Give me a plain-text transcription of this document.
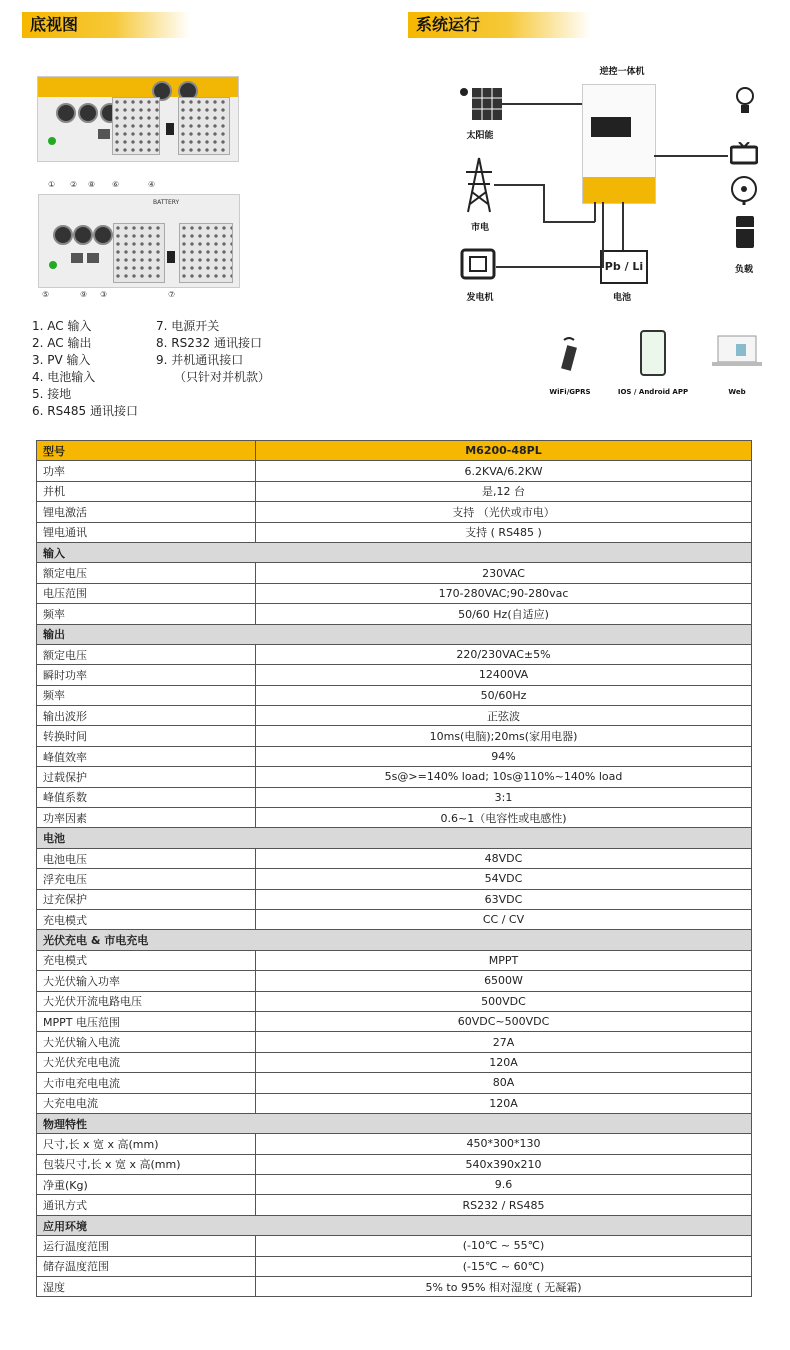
底视图	系统运行
① ② ⑧ ⑥	④
BATTERY
⑤	⑨ ③	⑦
1. AC 输入
2. AC 输出
3. PV 输入
4. 电池输入
5. 接地
6. RS485 通讯接口
7. 电源开关
8. RS232 通讯接口
9. 并机通讯接口
（只针对并机款）
逆控一体机
太阳能
市电
发电机
Pb / Li
电池
负载
WiFi/GPRS	IOS / Android APP	Web
型号	M6200-48PL
功率	6.2KVA/6.2KW
并机	是,12 台
锂电激活	支持 （光伏或市电）
锂电通讯	支持 ( RS485 )
输入	
额定电压	230VAC
电压范围	170-280VAC;90-280vac
频率	50/60 Hz(自适应)
输出	
额定电压	220/230VAC±5%
瞬时功率	12400VA
频率	50/60Hz
输出波形	正弦波
转换时间	10ms(电脑);20ms(家用电器)
峰值效率	94%
过载保护	5s@>=140% load; 10s@110%~140% load
峰值系数	3:1
功率因素	0.6~1（电容性或电感性)
电池	
电池电压	48VDC
浮充电压	54VDC
过充保护	63VDC
充电模式	CC / CV
光伏充电 & 市电充电	
充电模式	MPPT
大光伏输入功率	6500W
大光伏开流电路电压	500VDC
MPPT 电压范围	60VDC~500VDC
大光伏输入电流	27A
大光伏充电电流	120A
大市电充电电流	80A
大充电电流	120A
物理特性	
尺寸,长 x 宽 x 高(mm)	450*300*130
包装尺寸,长 x 宽 x 高(mm)	540x390x210
净重(Kg)	9.6
通讯方式	RS232 / RS485
应用环境	
运行温度范围	(-10℃ ~ 55℃)
储存温度范围	(-15℃ ~ 60℃)
湿度	5% to 95% 相对湿度 ( 无凝霜)
